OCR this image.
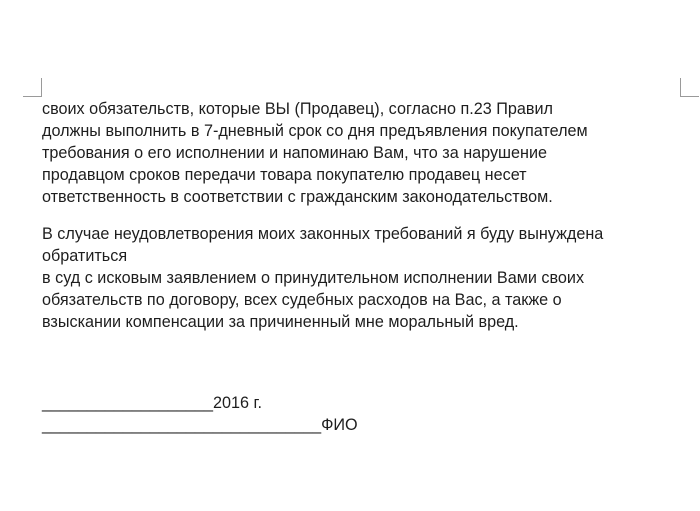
своих обязательств, которые ВЫ (Продавец), согласно п.23 Правил
должны выполнить в 7-дневный срок со дня предъявления покупателем
требования о его исполнении и напоминаю Вам, что за нарушение
продавцом сроков передачи товара покупателю продавец несет
ответственность в соответствии с гражданским законодательством.
В случае неудовлетворения моих законных требований я буду вынуждена
обратиться
в суд с исковым заявлением о принудительном исполнении Вами своих
обязательств по договору, всех судебных расходов на Вас, а также о
взыскании компенсации за причиненный мне моральный вред.
___________________2016 г.
_______________________________ФИО
